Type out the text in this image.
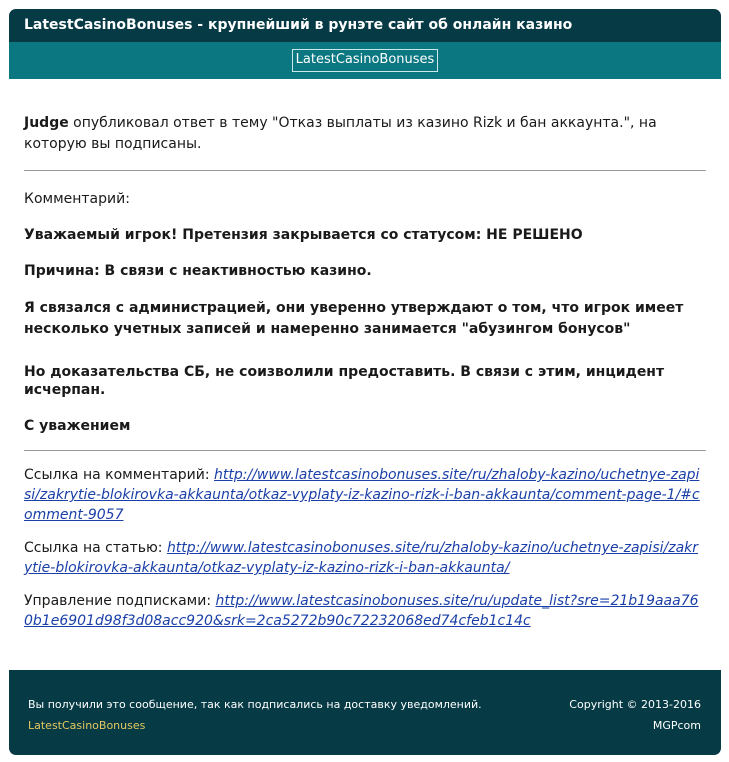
LatestCasinoBonuses - крупнейший в рунэте сайт об онлайн казино
LatestCasinoBonuses

Judge опубликовал ответ в тему "Отказ выплаты из казино Rizk и бан аккаунта.", на которую вы подписаны.

Комментарий:

Уважаемый игрок! Претензия закрывается со статусом: НЕ РЕШЕНО

Причина: В связи с неактивностью казино.

Я связался с администрацией, они уверенно утверждают о том, что игрок имеет несколько учетных записей и намеренно занимается "абузингом бонусов"

Но доказательства СБ, не соизволили предоставить. В связи с этим, инцидент исчерпан.

С уважением

Ссылка на комментарий: http://www.latestcasinobonuses.site/ru/zhaloby-kazino/uchetnye-zapisi/zakrytie-blokirovka-akkaunta/otkaz-vyplaty-iz-kazino-rizk-i-ban-akkaunta/comment-page-1/#comment-9057

Ссылка на статью: http://www.latestcasinobonuses.site/ru/zhaloby-kazino/uchetnye-zapisi/zakrytie-blokirovka-akkaunta/otkaz-vyplaty-iz-kazino-rizk-i-ban-akkaunta/

Управление подписками: http://www.latestcasinobonuses.site/ru/update_list?sre=21b19aaa760b1e6901d98f3d08acc920&srk=2ca5272b90c72232068ed74cfeb1c14c

Вы получили это сообщение, так как подписались на доставку уведомлений.
LatestCasinoBonuses
Copyright © 2013-2016
MGPcom
